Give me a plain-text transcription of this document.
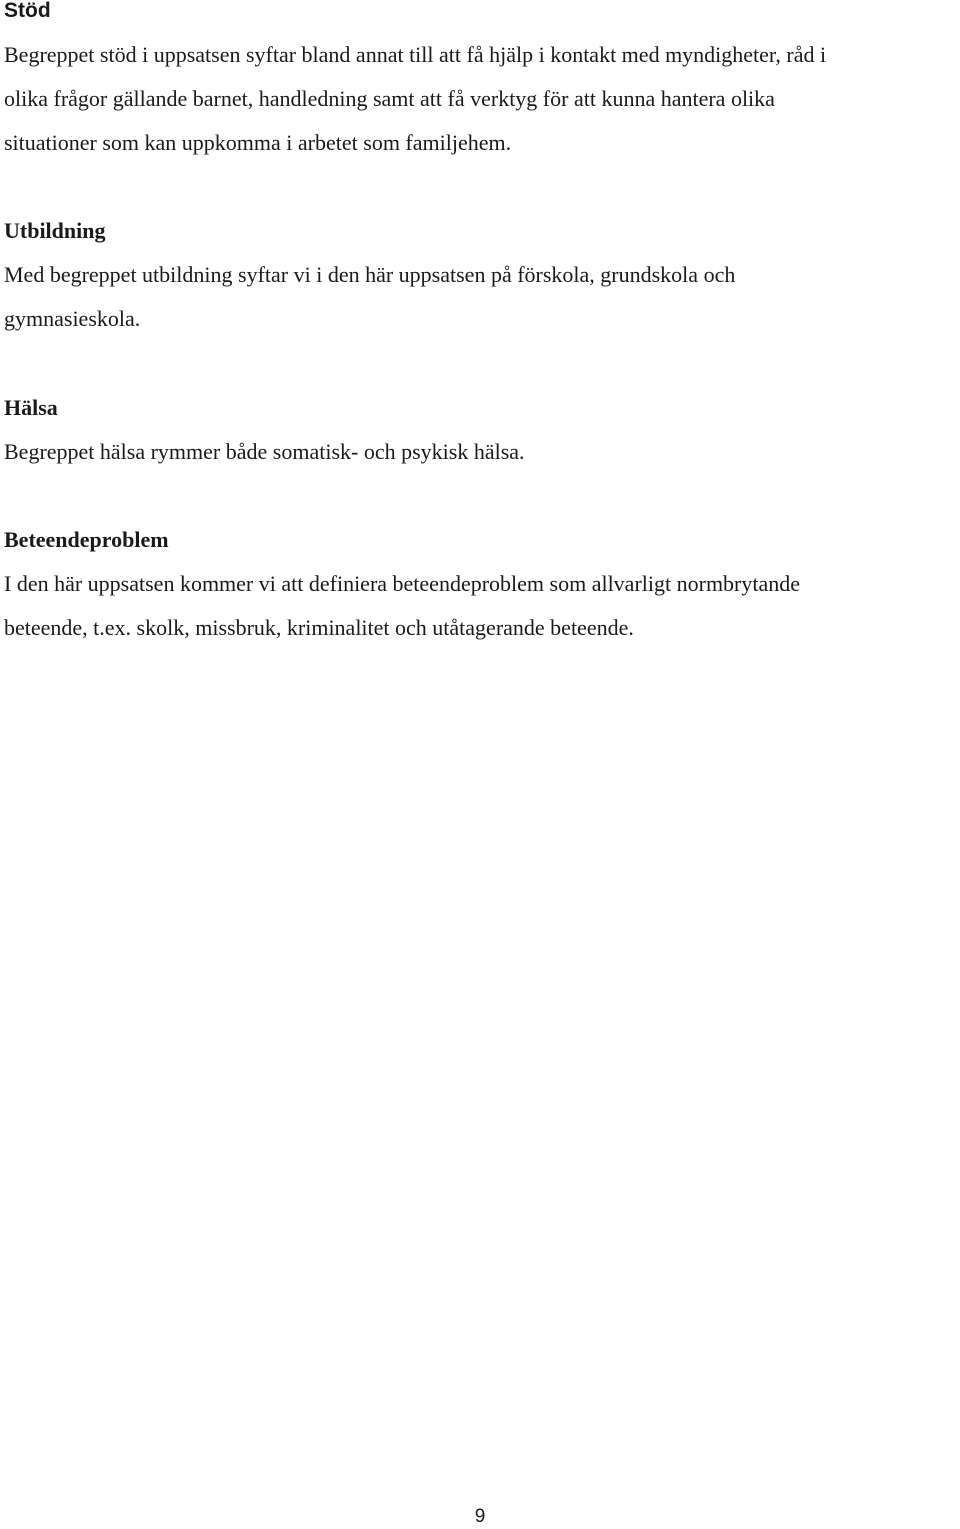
Stöd

Begreppet stöd i uppsatsen syftar bland annat till att få hjälp i kontakt med myndigheter, råd i
olika frågor gällande barnet, handledning samt att få verktyg för att kunna hantera olika
situationer som kan uppkomma i arbetet som familjehem.

Utbildning

Med begreppet utbildning syftar vi i den här uppsatsen på förskola, grundskola och
gymnasieskola.

Hälsa

Begreppet hälsa rymmer både somatisk- och psykisk hälsa.

Beteendeproblem

I den här uppsatsen kommer vi att definiera beteendeproblem som allvarligt normbrytande
beteende, t.ex. skolk, missbruk, kriminalitet och utåtagerande beteende.

9
